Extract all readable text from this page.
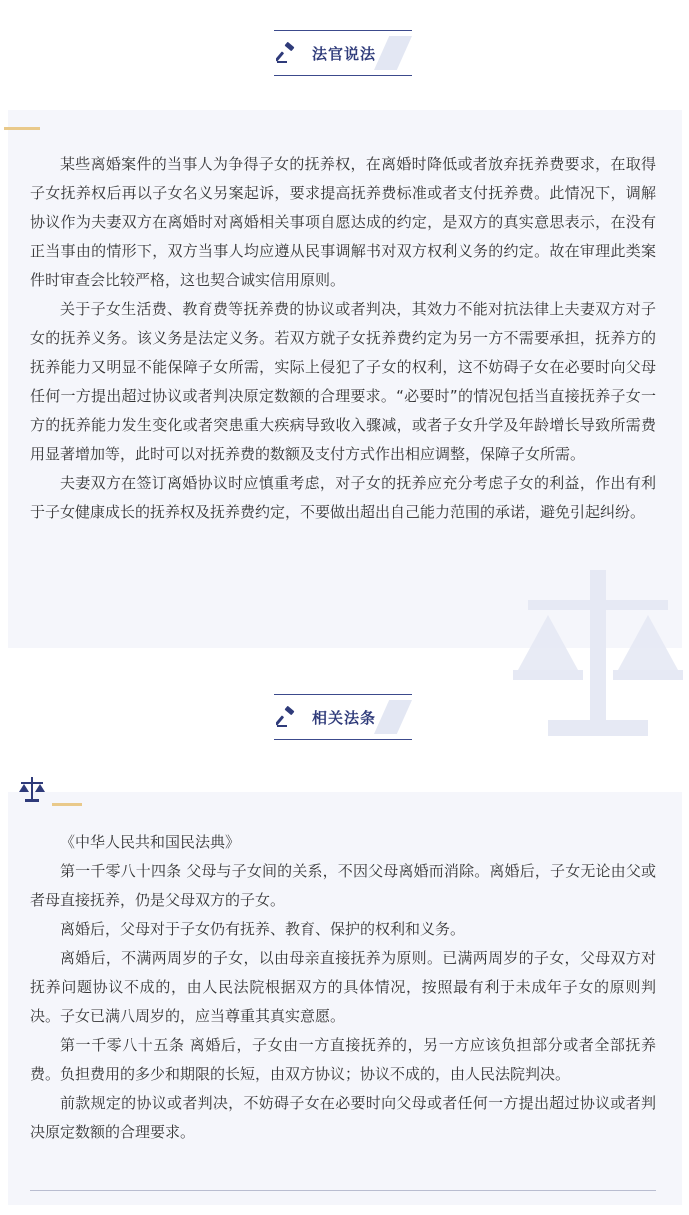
法官说法

某些离婚案件的当事人为争得子女的抚养权，在离婚时降低或者放弃抚养费要求，在取得子女抚养权后再以子女名义另案起诉，要求提高抚养费标准或者支付抚养费。此情况下，调解协议作为夫妻双方在离婚时对离婚相关事项自愿达成的约定，是双方的真实意思表示，在没有正当事由的情形下，双方当事人均应遵从民事调解书对双方权利义务的约定。故在审理此类案件时审查会比较严格，这也契合诚实信用原则。

关于子女生活费、教育费等抚养费的协议或者判决，其效力不能对抗法律上夫妻双方对子女的抚养义务。该义务是法定义务。若双方就子女抚养费约定为另一方不需要承担，抚养方的抚养能力又明显不能保障子女所需，实际上侵犯了子女的权利，这不妨碍子女在必要时向父母任何一方提出超过协议或者判决原定数额的合理要求。“必要时”的情况包括当直接抚养子女一方的抚养能力发生变化或者突患重大疾病导致收入骤减，或者子女升学及年龄增长导致所需费用显著增加等，此时可以对抚养费的数额及支付方式作出相应调整，保障子女所需。

夫妻双方在签订离婚协议时应慎重考虑，对子女的抚养应充分考虑子女的利益，作出有利于子女健康成长的抚养权及抚养费约定，不要做出超出自己能力范围的承诺，避免引起纠纷。

相关法条

《中华人民共和国民法典》

第一千零八十四条 父母与子女间的关系，不因父母离婚而消除。离婚后，子女无论由父或者母直接抚养，仍是父母双方的子女。

离婚后，父母对于子女仍有抚养、教育、保护的权利和义务。

离婚后，不满两周岁的子女，以由母亲直接抚养为原则。已满两周岁的子女，父母双方对抚养问题协议不成的，由人民法院根据双方的具体情况，按照最有利于未成年子女的原则判决。子女已满八周岁的，应当尊重其真实意愿。

第一千零八十五条 离婚后，子女由一方直接抚养的，另一方应该负担部分或者全部抚养费。负担费用的多少和期限的长短，由双方协议；协议不成的，由人民法院判决。

前款规定的协议或者判决，不妨碍子女在必要时向父母或者任何一方提出超过协议或者判决原定数额的合理要求。
